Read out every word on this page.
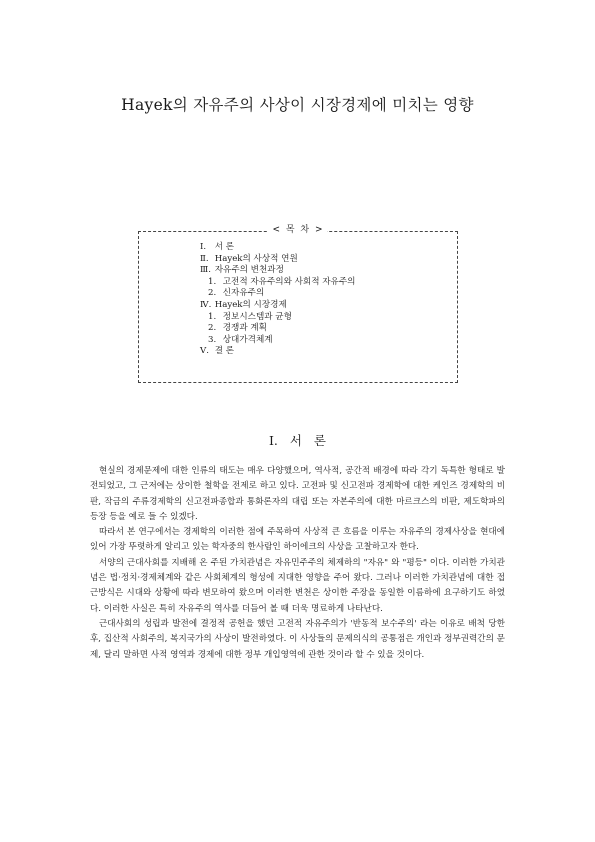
Hayek의 자유주의 사상이 시장경제에 미치는 영향
< 목 차 >
Ⅰ. 서 론
Ⅱ. Hayek의 사상적 연원
Ⅲ. 자유주의 변천과정
1. 고전적 자유주의와 사회적 자유주의
2. 신자유주의
Ⅳ. Hayek의 시장경제
1. 정보시스템과 균형
2. 경쟁과 계획
3. 상대가격체계
Ⅴ. 결 론
Ⅰ. 서 론

현실의 경제문제에 대한 인류의 태도는 매우 다양했으며, 역사적, 공간적 배경에 따라 각기 독특한 형태로 발전되었고, 그 근저에는 상이한 철학을 전제로 하고 있다. 고전파 및 신고전파 경제학에 대한 케인즈 경제학의 비판, 작금의 주류경제학의 신고전파종합과 통화론자의 대립 또는 자본주의에 대한 마르크스의 비판, 제도학파의 등장 등을 예로 들 수 있겠다.

따라서 본 연구에서는 경제학의 이러한 점에 주목하여 사상적 큰 흐름을 이루는 자유주의 경제사상을 현대에 있어 가장 뚜렷하게 알리고 있는 학자중의 한사람인 하이에크의 사상을 고찰하고자 한다.

서양의 근대사회를 지배해 온 주된 가치관념은 자유민주주의 체제하의 "자유" 와 "평등" 이다. 이러한 가치관념은 법·정치·경제체계와 같은 사회체계의 형성에 지대한 영향을 주어 왔다. 그러나 이러한 가치관념에 대한 접근방식은 시대와 상황에 따라 변모하여 왔으며 이러한 변천은 상이한 주장을 동일한 이름하에 요구하기도 하였다. 이러한 사실은 특히 자유주의 역사를 더듬어 볼 때 더욱 명료하게 나타난다.

근대사회의 성립과 발전에 결정적 공헌을 했던 고전적 자유주의가 '반동적 보수주의' 라는 이유로 배척 당한 후, 집산적 사회주의, 복지국가의 사상이 발전하였다. 이 사상들의 문제의식의 공통점은 개인과 정부권력간의 문제, 달리 말하면 사적 영역과 경제에 대한 정부 개입영역에 관한 것이라 할 수 있을 것이다.
